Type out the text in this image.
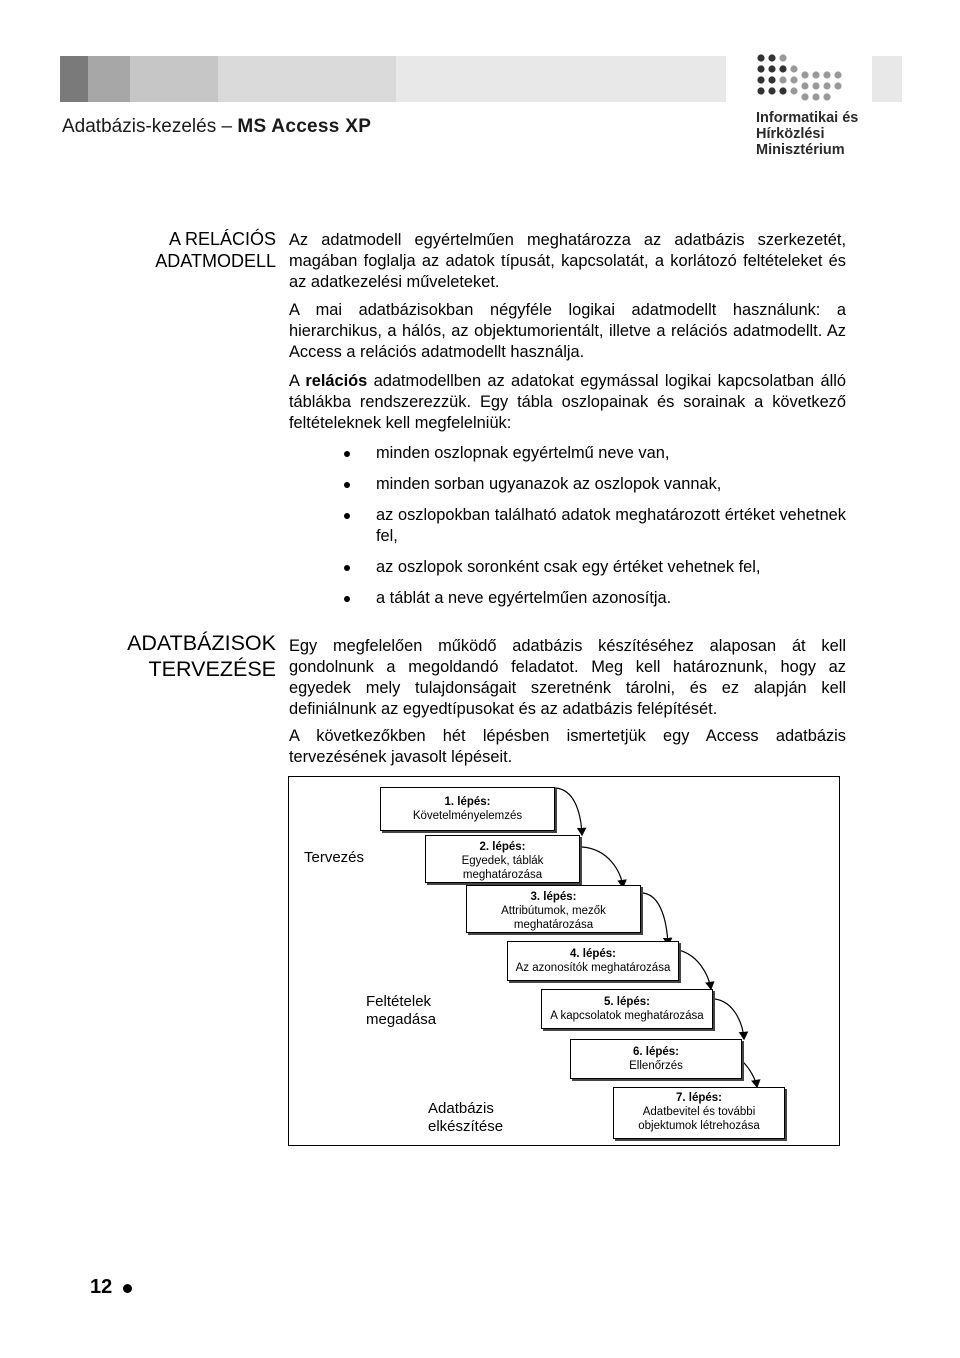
Adatbázis-kezelés – MS Access XP	Informatikai és
Hírközlési
Minisztérium
A RELÁCIÓS
ADATMODELL

Az adatmodell egyértelműen meghatározza az adatbázis szerkezetét, magában foglalja az adatok típusát, kapcsolatát, a korlátozó feltételeket és az adatkezelési műveleteket.

A mai adatbázisokban négyféle logikai adatmodellt használunk: a hierarchikus, a hálós, az objektumorientált, illetve a relációs adatmodellt. Az Access a relációs adatmodellt használja.

A relációs adatmodellben az adatokat egymással logikai kapcsolatban álló táblákba rendszerezzük. Egy tábla oszlopainak és sorainak a következő feltételeknek kell megfelelniük:

minden oszlopnak egyértelmű neve van,
minden sorban ugyanazok az oszlopok vannak,
az oszlopokban található adatok meghatározott értéket vehetnek fel,
az oszlopok soronként csak egy értéket vehetnek fel,
a táblát a neve egyértelműen azonosítja.
ADATBÁZISOK
TERVEZÉSE

Egy megfelelően működő adatbázis készítéséhez alaposan át kell gondolnunk a megoldandó feladatot. Meg kell határoznunk, hogy az egyedek mely tulajdonságait szeretnénk tárolni, és ez alapján kell definiálnunk az egyedtípusokat és az adatbázis felépítését.

A következőkben hét lépésben ismertetjük egy Access adatbázis tervezésének javasolt lépéseit.

Tervezés
Feltételek
megadása
Adatbázis
elkészítése
1. lépés:
Követelményelemzés
2. lépés:
Egyedek, táblák
meghatározása
3. lépés:
Attribútumok, mezők
meghatározása
4. lépés:
Az azonosítók meghatározása
5. lépés:
A kapcsolatok meghatározása
6. lépés:
Ellenőrzés
7. lépés:
Adatbevitel és további
objektumok létrehozása
12
